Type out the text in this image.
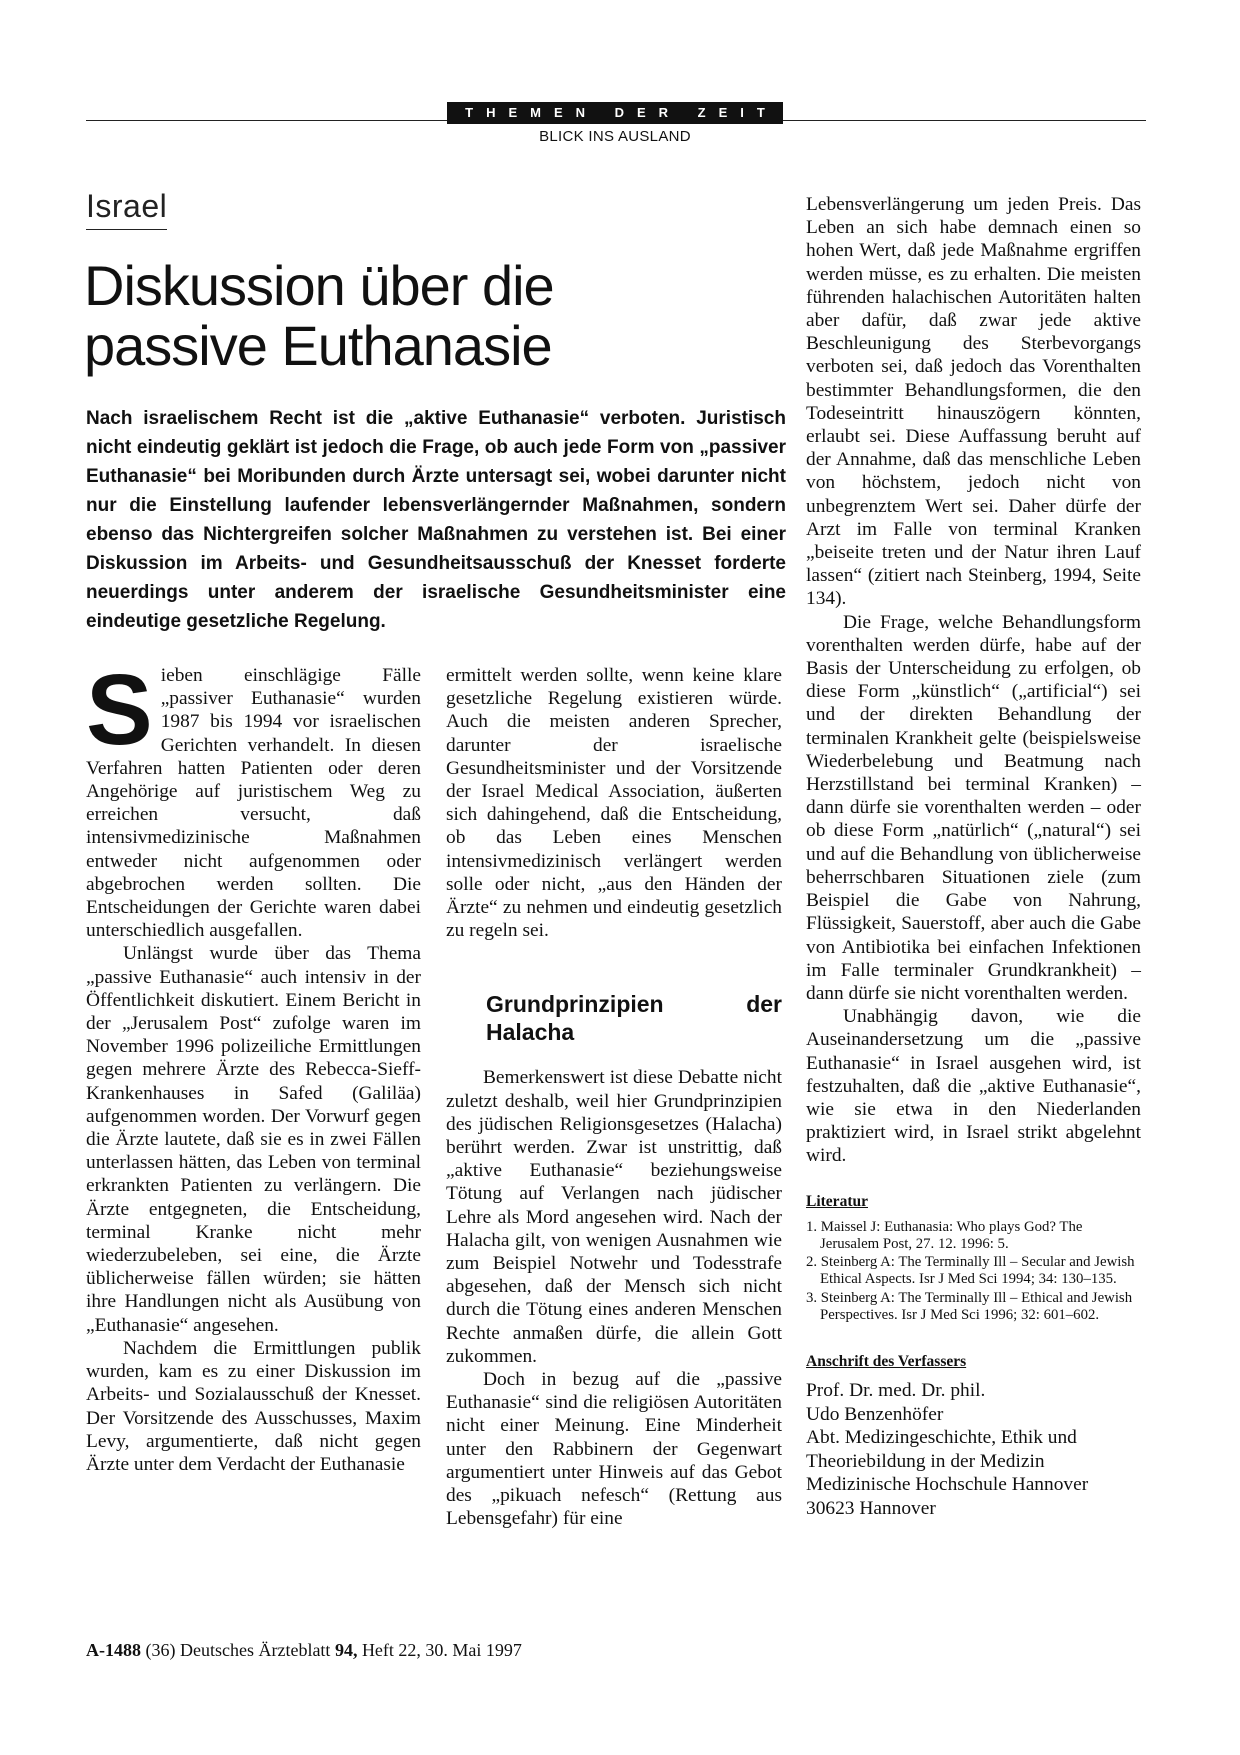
THEMEN DER ZEIT
BLICK INS AUSLAND
Israel
Diskussion über die passive Euthanasie

Nach israelischem Recht ist die „aktive Euthanasie“ verboten. Juristisch nicht eindeutig geklärt ist jedoch die Frage, ob auch jede Form von „passiver Euthanasie“ bei Moribunden durch Ärzte untersagt sei, wobei darunter nicht nur die Einstellung laufender lebensverlängernder Maßnahmen, sondern ebenso das Nichtergreifen solcher Maßnahmen zu verstehen ist. Bei einer Diskussion im Arbeits- und Gesundheitsausschuß der Knesset forderte neuerdings unter anderem der israelische Gesundheitsminister eine eindeutige gesetzliche Regelung.

Sieben einschlägige Fälle „passiver Euthanasie“ wurden 1987 bis 1994 vor israelischen Gerichten verhandelt. In diesen Verfahren hatten Patienten oder deren Angehörige auf juristischem Weg zu erreichen versucht, daß intensivmedizinische Maßnahmen entweder nicht aufgenommen oder abgebrochen werden sollten. Die Entscheidungen der Gerichte waren dabei unterschiedlich ausgefallen.

Unlängst wurde über das Thema „passive Euthanasie“ auch intensiv in der Öffentlichkeit diskutiert. Einem Bericht in der „Jerusalem Post“ zufolge waren im November 1996 polizeiliche Ermittlungen gegen mehrere Ärzte des Rebecca-Sieff-Krankenhauses in Safed (Galiläa) aufgenommen worden. Der Vorwurf gegen die Ärzte lautete, daß sie es in zwei Fällen unterlassen hätten, das Leben von terminal erkrankten Patienten zu verlängern. Die Ärzte entgegneten, die Entscheidung, terminal Kranke nicht mehr wiederzubeleben, sei eine, die Ärzte üblicherweise fällen würden; sie hätten ihre Handlungen nicht als Ausübung von „Euthanasie“ angesehen.

Nachdem die Ermittlungen publik wurden, kam es zu einer Diskussion im Arbeits- und Sozialausschuß der Knesset. Der Vorsitzende des Ausschusses, Maxim Levy, argumentierte, daß nicht gegen Ärzte unter dem Verdacht der Euthanasie

ermittelt werden sollte, wenn keine klare gesetzliche Regelung existieren würde. Auch die meisten anderen Sprecher, darunter der israelische Gesundheitsminister und der Vorsitzende der Israel Medical Association, äußerten sich dahingehend, daß die Entscheidung, ob das Leben eines Menschen intensivmedizinisch verlängert werden solle oder nicht, „aus den Händen der Ärzte“ zu nehmen und eindeutig gesetzlich zu regeln sei.
Grundprinzipien der Halacha

Bemerkenswert ist diese Debatte nicht zuletzt deshalb, weil hier Grundprinzipien des jüdischen Religionsgesetzes (Halacha) berührt werden. Zwar ist unstrittig, daß „aktive Euthanasie“ beziehungsweise Tötung auf Verlangen nach jüdischer Lehre als Mord angesehen wird. Nach der Halacha gilt, von wenigen Ausnahmen wie zum Beispiel Notwehr und Todesstrafe abgesehen, daß der Mensch sich nicht durch die Tötung eines anderen Menschen Rechte anmaßen dürfe, die allein Gott zukommen.

Doch in bezug auf die „passive Euthanasie“ sind die religiösen Autoritäten nicht einer Meinung. Eine Minderheit unter den Rabbinern der Gegenwart argumentiert unter Hinweis auf das Gebot des „pikuach nefesch“ (Rettung aus Lebensgefahr) für eine

Lebensverlängerung um jeden Preis. Das Leben an sich habe demnach einen so hohen Wert, daß jede Maßnahme ergriffen werden müsse, es zu erhalten. Die meisten führenden halachischen Autoritäten halten aber dafür, daß zwar jede aktive Beschleunigung des Sterbevorgangs verboten sei, daß jedoch das Vorenthalten bestimmter Behandlungsformen, die den Todeseintritt hinauszögern könnten, erlaubt sei. Diese Auffassung beruht auf der Annahme, daß das menschliche Leben von höchstem, jedoch nicht von unbegrenztem Wert sei. Daher dürfe der Arzt im Falle von terminal Kranken „beiseite treten und der Natur ihren Lauf lassen“ (zitiert nach Steinberg, 1994, Seite 134).

Die Frage, welche Behandlungsform vorenthalten werden dürfe, habe auf der Basis der Unterscheidung zu erfolgen, ob diese Form „künstlich“ („artificial“) sei und der direkten Behandlung der terminalen Krankheit gelte (beispielsweise Wiederbelebung und Beatmung nach Herzstillstand bei terminal Kranken) – dann dürfe sie vorenthalten werden – oder ob diese Form „natürlich“ („natural“) sei und auf die Behandlung von üblicherweise beherrschbaren Situationen ziele (zum Beispiel die Gabe von Nahrung, Flüssigkeit, Sauerstoff, aber auch die Gabe von Antibiotika bei einfachen Infektionen im Falle terminaler Grundkrankheit) – dann dürfe sie nicht vorenthalten werden.

Unabhängig davon, wie die Auseinandersetzung um die „passive Euthanasie“ in Israel ausgehen wird, ist festzuhalten, daß die „aktive Euthanasie“, wie sie etwa in den Niederlanden praktiziert wird, in Israel strikt abgelehnt wird.

Literatur
1. Maissel J: Euthanasia: Who plays God? The Jerusalem Post, 27. 12. 1996: 5.
2. Steinberg A: The Terminally Ill – Secular and Jewish Ethical Aspects. Isr J Med Sci 1994; 34: 130–135.
3. Steinberg A: The Terminally Ill – Ethical and Jewish Perspectives. Isr J Med Sci 1996; 32: 601–602.
Anschrift des Verfassers
Prof. Dr. med. Dr. phil.
Udo Benzenhöfer
Abt. Medizingeschichte, Ethik und
Theoriebildung in der Medizin
Medizinische Hochschule Hannover
30623 Hannover
A-1488 (36) Deutsches Ärzteblatt 94, Heft 22, 30. Mai 1997
